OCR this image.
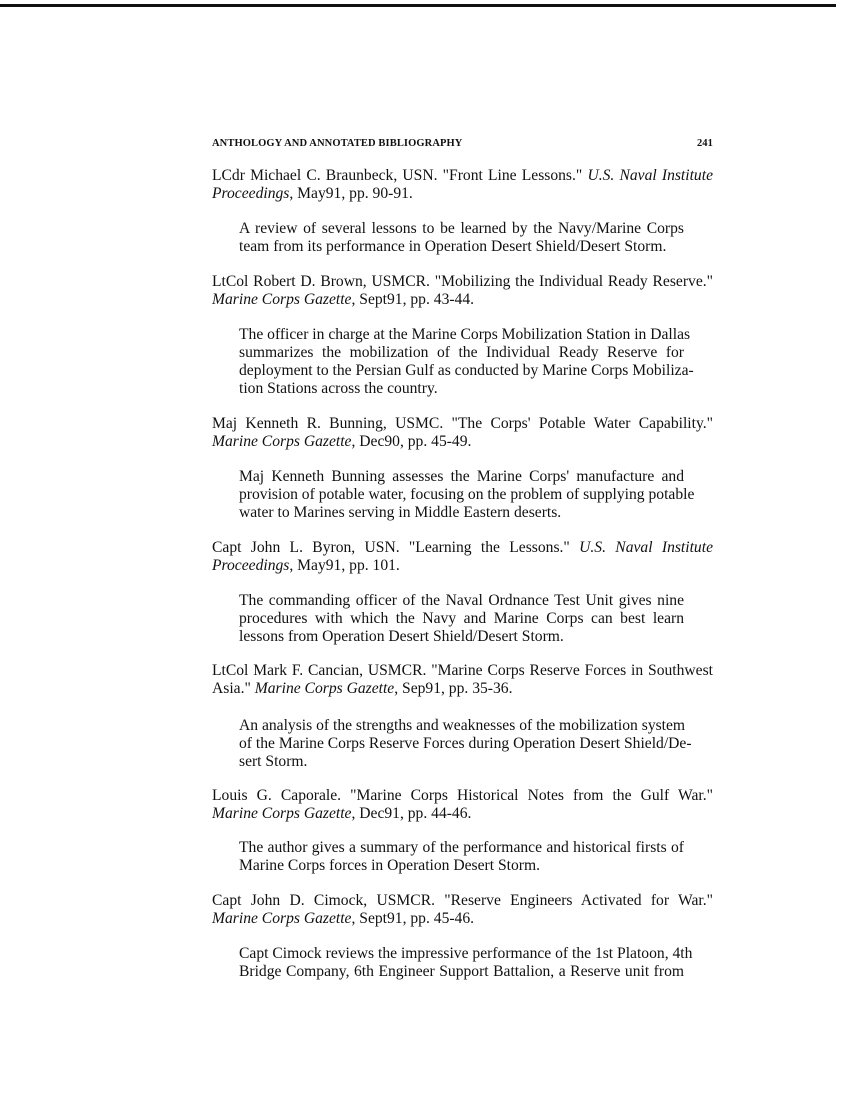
ANTHOLOGY AND ANNOTATED BIBLIOGRAPHY	241
LCdr Michael C. Braunbeck, USN. "Front Line Lessons." U.S. Naval Institute
Proceedings, May91, pp. 90-91.
A review of several lessons to be learned by the Navy/Marine Corps
team from its performance in Operation Desert Shield/Desert Storm.
LtCol Robert D. Brown, USMCR. "Mobilizing the Individual Ready Reserve."
Marine Corps Gazette, Sept91, pp. 43-44.
The officer in charge at the Marine Corps Mobilization Station in Dallas
summarizes the mobilization of the Individual Ready Reserve for
deployment to the Persian Gulf as conducted by Marine Corps Mobiliza-
tion Stations across the country.
Maj Kenneth R. Bunning, USMC. "The Corps' Potable Water Capability."
Marine Corps Gazette, Dec90, pp. 45-49.
Maj Kenneth Bunning assesses the Marine Corps' manufacture and
provision of potable water, focusing on the problem of supplying potable
water to Marines serving in Middle Eastern deserts.
Capt John L. Byron, USN. "Learning the Lessons." U.S. Naval Institute
Proceedings, May91, pp. 101.
The commanding officer of the Naval Ordnance Test Unit gives nine
procedures with which the Navy and Marine Corps can best learn
lessons from Operation Desert Shield/Desert Storm.
LtCol Mark F. Cancian, USMCR. "Marine Corps Reserve Forces in Southwest
Asia." Marine Corps Gazette, Sep91, pp. 35-36.
An analysis of the strengths and weaknesses of the mobilization system
of the Marine Corps Reserve Forces during Operation Desert Shield/De-
sert Storm.
Louis G. Caporale. "Marine Corps Historical Notes from the Gulf War."
Marine Corps Gazette, Dec91, pp. 44-46.
The author gives a summary of the performance and historical firsts of
Marine Corps forces in Operation Desert Storm.
Capt John D. Cimock, USMCR. "Reserve Engineers Activated for War."
Marine Corps Gazette, Sept91, pp. 45-46.
Capt Cimock reviews the impressive performance of the 1st Platoon, 4th
Bridge Company, 6th Engineer Support Battalion, a Reserve unit from
